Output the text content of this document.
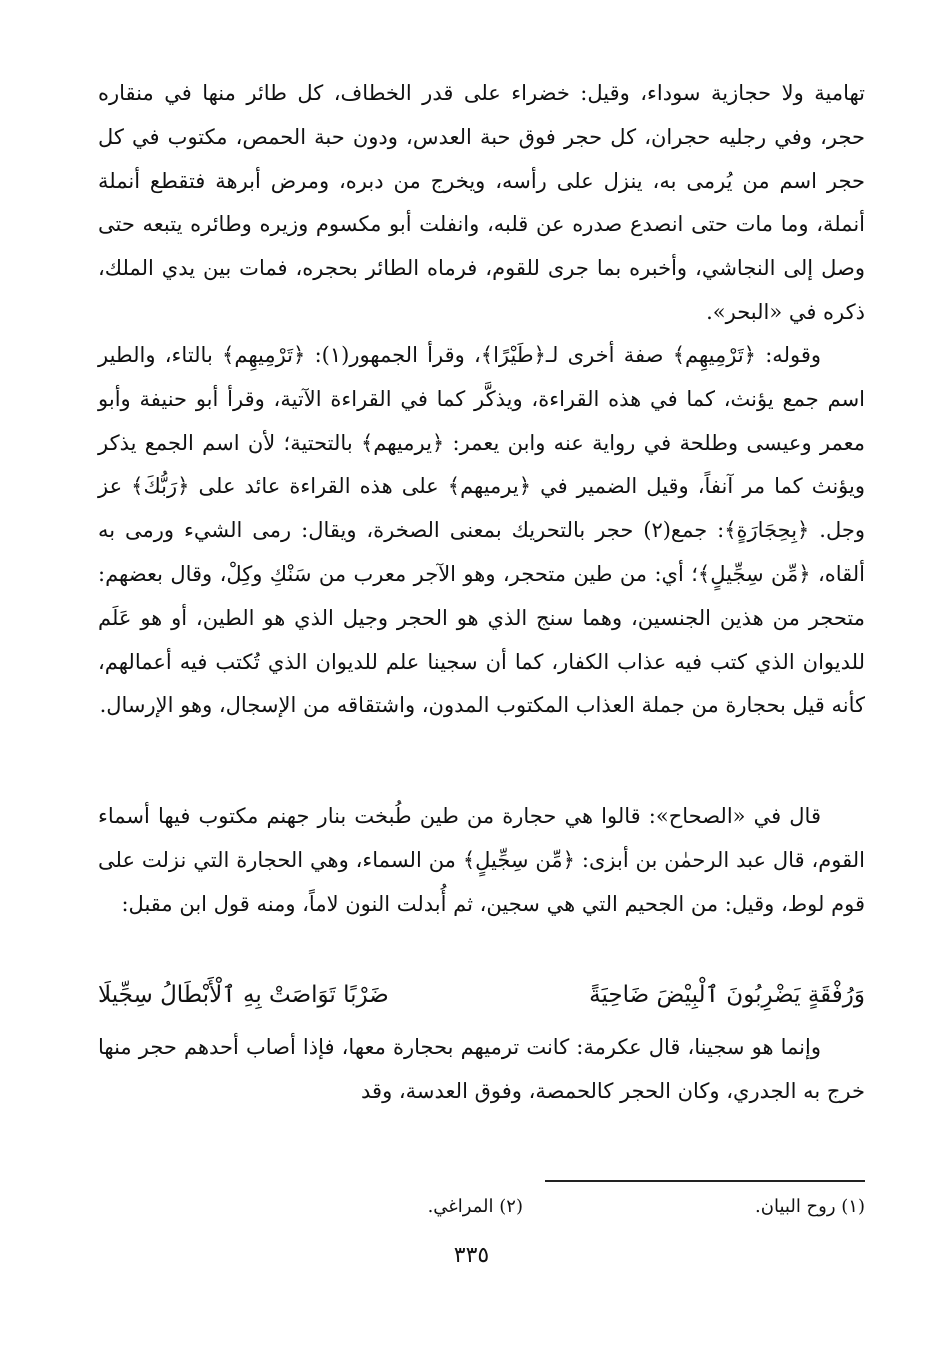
تهامية ولا حجازية سوداء، وقيل: خضراء على قدر الخطاف، كل طائر منها في منقاره حجر، وفي رجليه حجران، كل حجر فوق حبة العدس، ودون حبة الحمص، مكتوب في كل حجر اسم من يُرمى به، ينزل على رأسه، ويخرج من دبره، ومرض أبرهة فتقطع أنملة أنملة، وما مات حتى انصدع صدره عن قلبه، وانفلت أبو مكسوم وزيره وطائره يتبعه حتى وصل إلى النجاشي، وأخبره بما جرى للقوم، فرماه الطائر بحجره، فمات بين يدي الملك، ذكره في «البحر».

وقوله: ﴿تَرْمِيهِم﴾ صفة أخرى لـ﴿طَيْرًا﴾، وقرأ الجمهور(١): ﴿تَرْمِيهِم﴾ بالتاء، والطير اسم جمع يؤنث، كما في هذه القراءة، ويذكَّر كما في القراءة الآتية، وقرأ أبو حنيفة وأبو معمر وعيسى وطلحة في رواية عنه وابن يعمر: ﴿يرميهم﴾ بالتحتية؛ لأن اسم الجمع يذكر ويؤنث كما مر آنفاً، وقيل الضمير في ﴿يرميهم﴾ على هذه القراءة عائد على ﴿رَبُّكَ﴾ عز وجل. ﴿بِحِجَارَةٍ﴾: جمع(٢) حجر بالتحريك بمعنى الصخرة، ويقال: رمى الشيء ورمى به ألقاه، ﴿مِّن سِجِّيلٍ﴾؛ أي: من طين متحجر، وهو الآجر معرب من سَنْكِ وكِلْ، وقال بعضهم: متحجر من هذين الجنسين، وهما سنج الذي هو الحجر وجيل الذي هو الطين، أو هو عَلَم للديوان الذي كتب فيه عذاب الكفار، كما أن سجينا علم للديوان الذي تُكتب فيه أعمالهم، كأنه قيل بحجارة من جملة العذاب المكتوب المدون، واشتقاقه من الإسجال، وهو الإرسال.

قال في «الصحاح»: قالوا هي حجارة من طين طُبخت بنار جهنم مكتوب فيها أسماء القوم، قال عبد الرحمٰن بن أبزى: ﴿مِّن سِجِّيلٍ﴾ من السماء، وهي الحجارة التي نزلت على قوم لوط، وقيل: من الجحيم التي هي سجين، ثم أُبدلت النون لاماً، ومنه قول ابن مقبل:

وَرُفْقَةٍ يَضْرِبُونَ ٱلْبِيْضَ ضَاحِيَةً
ضَرْبًا تَوَاصَتْ بِهِ ٱلْأَبْطَالُ سِجِّيلَا

وإنما هو سجينا، قال عكرمة: كانت ترميهم بحجارة معها، فإذا أصاب أحدهم حجر منها خرج به الجدري، وكان الحجر كالحمصة، وفوق العدسة، وقد

(١) روح البيان.
(٢) المراغي.
٣٣٥
